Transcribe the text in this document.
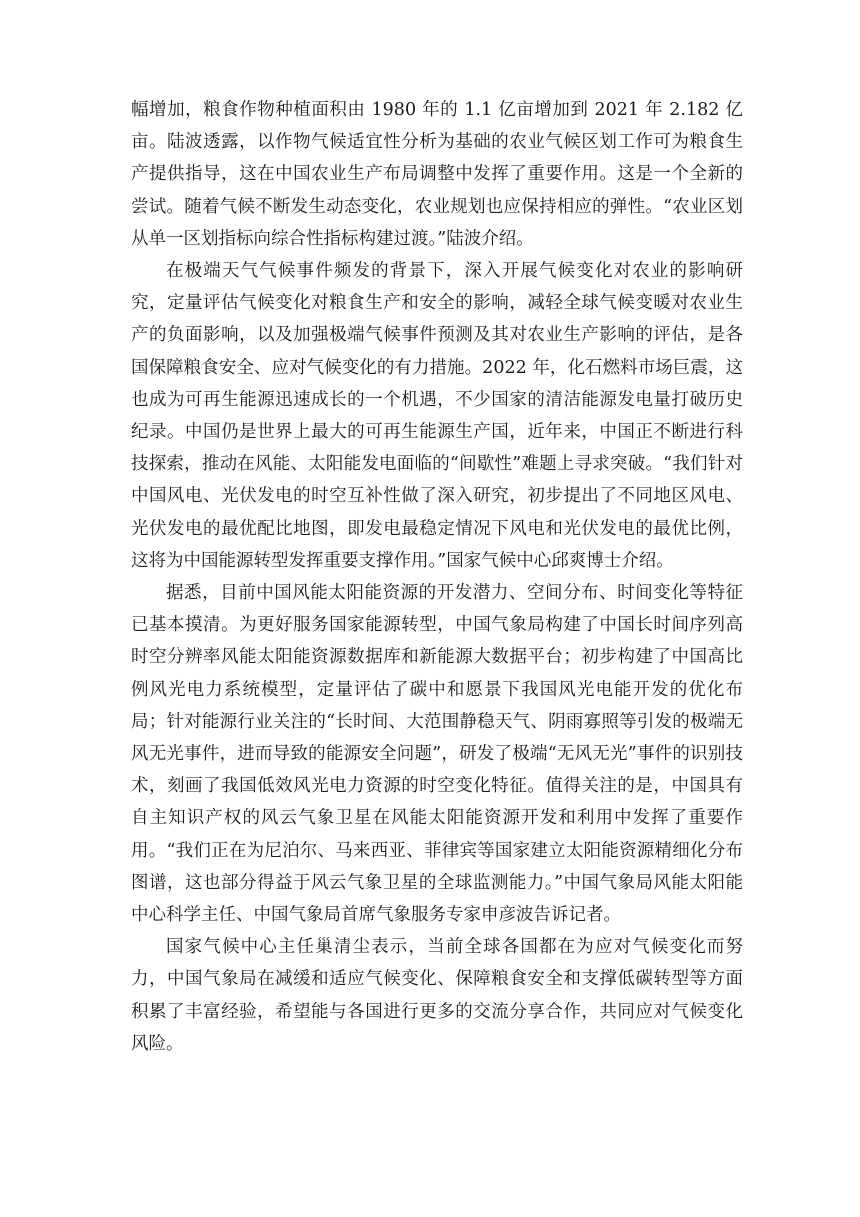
幅增加，粮食作物种植面积由 1980 年的 1.1 亿亩增加到 2021 年 2.182 亿亩。陆波透露，以作物气候适宜性分析为基础的农业气候区划工作可为粮食生产提供指导，这在中国农业生产布局调整中发挥了重要作用。这是一个全新的尝试。随着气候不断发生动态变化，农业规划也应保持相应的弹性。“农业区划从单一区划指标向综合性指标构建过渡。”陆波介绍。

在极端天气气候事件频发的背景下，深入开展气候变化对农业的影响研究，定量评估气候变化对粮食生产和安全的影响，减轻全球气候变暖对农业生产的负面影响，以及加强极端气候事件预测及其对农业生产影响的评估，是各国保障粮食安全、应对气候变化的有力措施。2022 年，化石燃料市场巨震，这也成为可再生能源迅速成长的一个机遇，不少国家的清洁能源发电量打破历史纪录。中国仍是世界上最大的可再生能源生产国，近年来，中国正不断进行科技探索，推动在风能、太阳能发电面临的“间歇性”难题上寻求突破。“我们针对中国风电、光伏发电的时空互补性做了深入研究，初步提出了不同地区风电、光伏发电的最优配比地图，即发电最稳定情况下风电和光伏发电的最优比例，这将为中国能源转型发挥重要支撑作用。”国家气候中心邱爽博士介绍。

据悉，目前中国风能太阳能资源的开发潜力、空间分布、时间变化等特征已基本摸清。为更好服务国家能源转型，中国气象局构建了中国长时间序列高时空分辨率风能太阳能资源数据库和新能源大数据平台；初步构建了中国高比例风光电力系统模型，定量评估了碳中和愿景下我国风光电能开发的优化布局；针对能源行业关注的“长时间、大范围静稳天气、阴雨寡照等引发的极端无风无光事件，进而导致的能源安全问题”，研发了极端“无风无光”事件的识别技术，刻画了我国低效风光电力资源的时空变化特征。值得关注的是，中国具有自主知识产权的风云气象卫星在风能太阳能资源开发和利用中发挥了重要作用。“我们正在为尼泊尔、马来西亚、菲律宾等国家建立太阳能资源精细化分布图谱，这也部分得益于风云气象卫星的全球监测能力。”中国气象局风能太阳能中心科学主任、中国气象局首席气象服务专家申彦波告诉记者。

国家气候中心主任巢清尘表示，当前全球各国都在为应对气候变化而努力，中国气象局在减缓和适应气候变化、保障粮食安全和支撑低碳转型等方面积累了丰富经验，希望能与各国进行更多的交流分享合作，共同应对气候变化风险。
